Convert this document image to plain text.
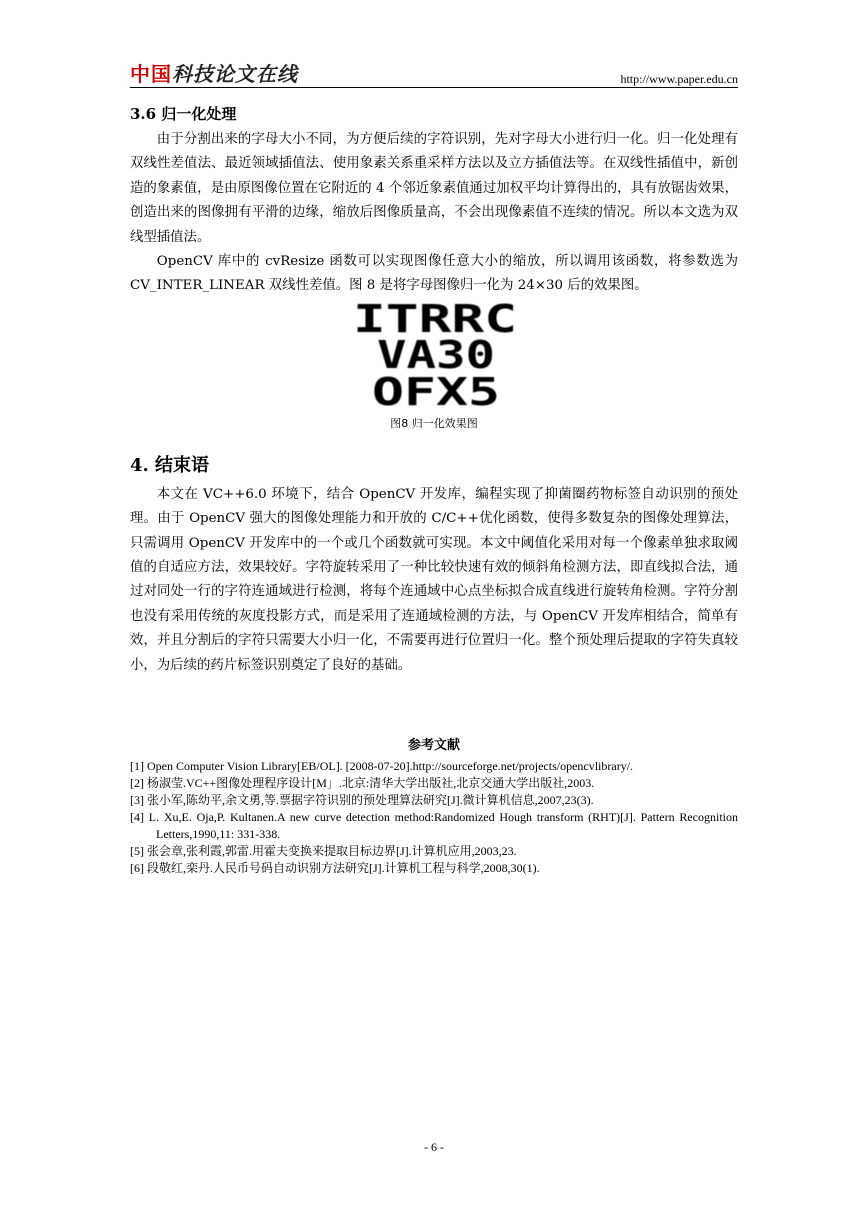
中国科技论文在线	http://www.paper.edu.cn
3.6 归一化处理

由于分割出来的字母大小不同，为方便后续的字符识别，先对字母大小进行归一化。归一化处理有双线性差值法、最近领域插值法、使用象素关系重采样方法以及立方插值法等。在双线性插值中，新创造的象素值，是由原图像位置在它附近的 4 个邻近象素值通过加权平均计算得出的，具有放锯齿效果，创造出来的图像拥有平滑的边缘，缩放后图像质量高，不会出现像素值不连续的情况。所以本文选为双线型插值法。

OpenCV 库中的 cvResize 函数可以实现图像任意大小的缩放，所以调用该函数，将参数选为 CV_INTER_LINEAR 双线性差值。图 8 是将字母图像归一化为 24×30 后的效果图。

ITRRC
VA30
OFX5
图8 归一化效果图
4. 结束语

本文在 VC++6.0 环境下，结合 OpenCV 开发库，编程实现了抑菌圈药物标签自动识别的预处理。由于 OpenCV 强大的图像处理能力和开放的 C/C++优化函数，使得多数复杂的图像处理算法，只需调用 OpenCV 开发库中的一个或几个函数就可实现。本文中阈值化采用对每一个像素单独求取阈值的自适应方法，效果较好。字符旋转采用了一种比较快速有效的倾斜角检测方法，即直线拟合法，通过对同处一行的字符连通域进行检测，将每个连通域中心点坐标拟合成直线进行旋转角检测。字符分割也没有采用传统的灰度投影方式，而是采用了连通域检测的方法，与 OpenCV 开发库相结合，简单有效，并且分割后的字符只需要大小归一化，不需要再进行位置归一化。整个预处理后提取的字符失真较小，为后续的药片标签识别奠定了良好的基础。

参考文献
[1] Open Computer Vision Library[EB/OL]. [2008-07-20].http://sourceforge.net/projects/opencvlibrary/.
[2] 杨淑莹.VC++图像处理程序设计[M」.北京:清华大学出版社,北京交通大学出版社,2003.
[3] 张小军,陈幼平,余文勇,等.票据字符识别的预处理算法研究[J].微计算机信息,2007,23(3).
[4] L. Xu,E. Oja,P. Kultanen.A new curve detection method:Randomized Hough transform (RHT)[J]. Pattern Recognition Letters,1990,11: 331-338.
[5] 张会章,张利霞,郭雷.用霍夫变换来提取目标边界[J].计算机应用,2003,23.
[6] 段敬红,栾丹.人民币号码自动识别方法研究[J].计算机工程与科学,2008,30(1).
- 6 -
